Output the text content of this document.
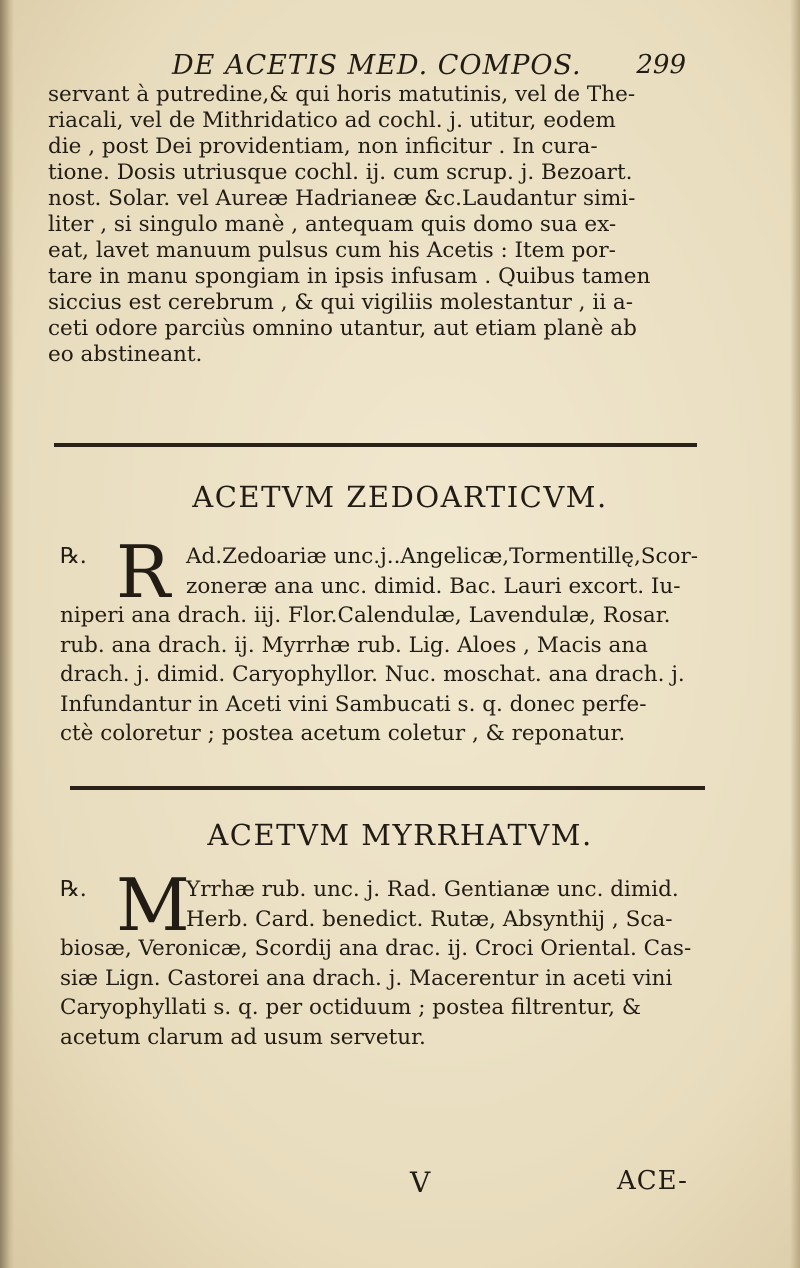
DE ACETIS MED. COMPOS. 299
servant à putredine,& qui horis matutinis, vel de The-
riacali, vel de Mithridatico ad cochl. j. utitur, eodem
die , post Dei providentiam, non inficitur . In cura-
tione. Dosis utriusque cochl. ij. cum scrup. j. Bezoart.
nost. Solar. vel Aureæ Hadrianeæ &c.Laudantur simi-
liter , si singulo manè , antequam quis domo sua ex-
eat, lavet manuum pulsus cum his Acetis : Item por-
tare in manu spongiam in ipsis infusam . Quibus tamen
siccius est cerebrum , & qui vigiliis molestantur , ii a-
ceti odore parciùs omnino utantur, aut etiam planè ab
eo abstineant.
ACETVM ZEDOARTICVM.
℞. R Ad.Zedoariæ unc.j..Angelicæ,Tormentillę,Scor-
zoneræ ana unc. dimid. Bac. Lauri excort. Iu-
niperi ana drach. iij. Flor.Calendulæ, Lavendulæ, Rosar.
rub. ana drach. ij. Myrrhæ rub. Lig. Aloes , Macis ana
drach. j. dimid. Caryophyllor. Nuc. moschat. ana drach. j.
Infundantur in Aceti vini Sambucati s. q. donec perfe-
ctè coloretur ; postea acetum coletur , & reponatur.
ACETVM MYRRHATVM.
℞. M
Yrrhæ rub. unc. j. Rad. Gentianæ unc. dimid.
Herb. Card. benedict. Rutæ, Absynthij , Sca-
biosæ, Veronicæ, Scordij ana drac. ij. Croci Oriental. Cas-
siæ Lign. Castorei ana drach. j. Macerentur in aceti vini
Caryophyllati s. q. per octiduum ; postea filtrentur, &
acetum clarum ad usum servetur.
V	ACE-
